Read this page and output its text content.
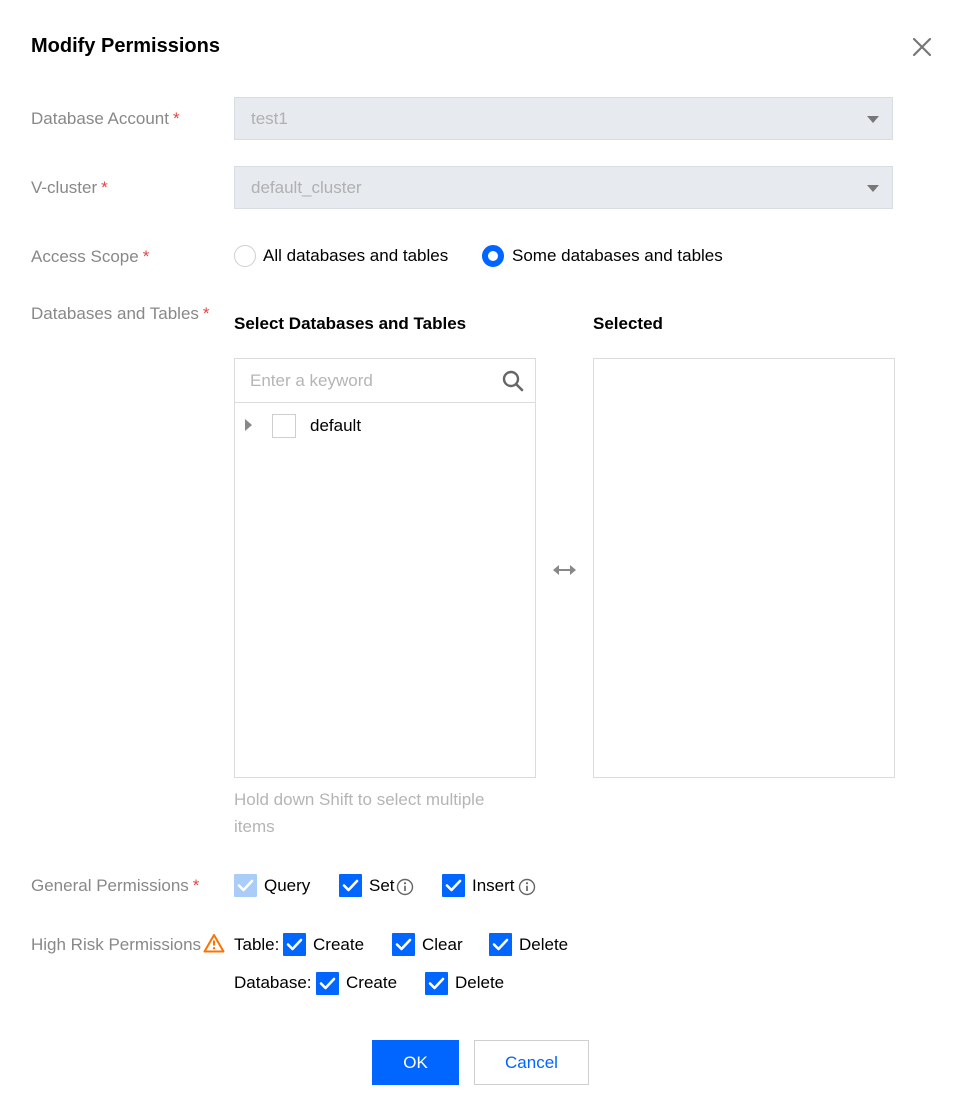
Modify Permissions
Database Account *	test1
V-cluster *	default_cluster
Access Scope *	All databases and tables	Some databases and tables
Databases and Tables *
Select Databases and Tables	Selected
Enter a keyword
default
Hold down Shift to select multiple
items
General Permissions *	Query	Set	Insert
High Risk Permissions Table: Create	Clear	Delete
Database: Create	Delete
OK	Cancel
